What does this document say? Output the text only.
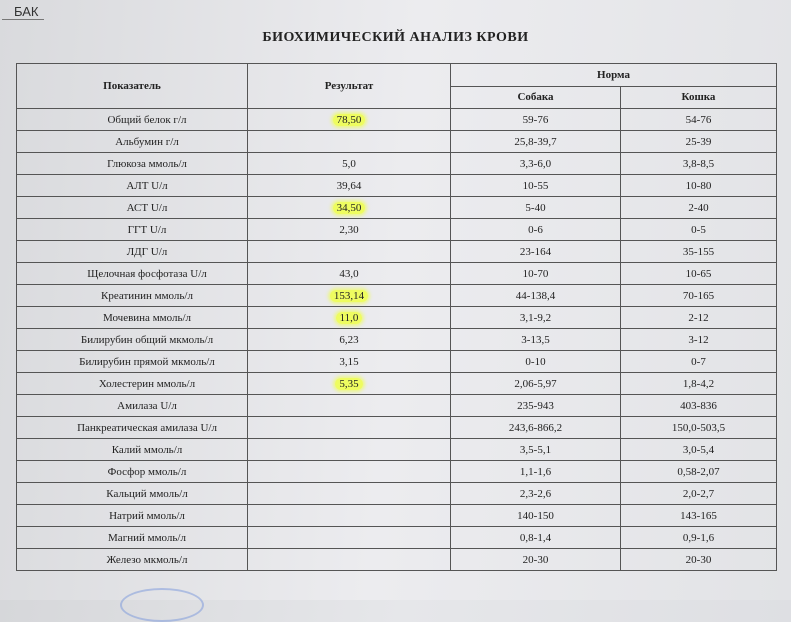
БАК
БИОХИМИЧЕСКИЙ АНАЛИЗ КРОВИ
Показатель	Результат	Норма	
		Собака	Кошка
Общий белок г/л	78,50	59-76	54-76
Альбумин г/л		25,8-39,7	25-39
Глюкоза ммоль/л	5,0	3,3-6,0	3,8-8,5
АЛТ U/л	39,64	10-55	10-80
АСТ U/л	34,50	5-40	2-40
ГГТ U/л	2,30	0-6	0-5
ЛДГ U/л		23-164	35-155
Щелочная фосфотаза U/л	43,0	10-70	10-65
Креатинин ммоль/л	153,14	44-138,4	70-165
Мочевина ммоль/л	11,0	3,1-9,2	2-12
Билирубин общий мкмоль/л	6,23	3-13,5	3-12
Билирубин прямой мкмоль/л	3,15	0-10	0-7
Холестерин ммоль/л	5,35	2,06-5,97	1,8-4,2
Амилаза U/л		235-943	403-836
Панкреатическая амилаза U/л		243,6-866,2	150,0-503,5
Калий ммоль/л		3,5-5,1	3,0-5,4
Фосфор ммоль/л		1,1-1,6	0,58-2,07
Кальций ммоль/л		2,3-2,6	2,0-2,7
Натрий ммоль/л		140-150	143-165
Магний ммоль/л		0,8-1,4	0,9-1,6
Железо мкмоль/л		20-30	20-30
